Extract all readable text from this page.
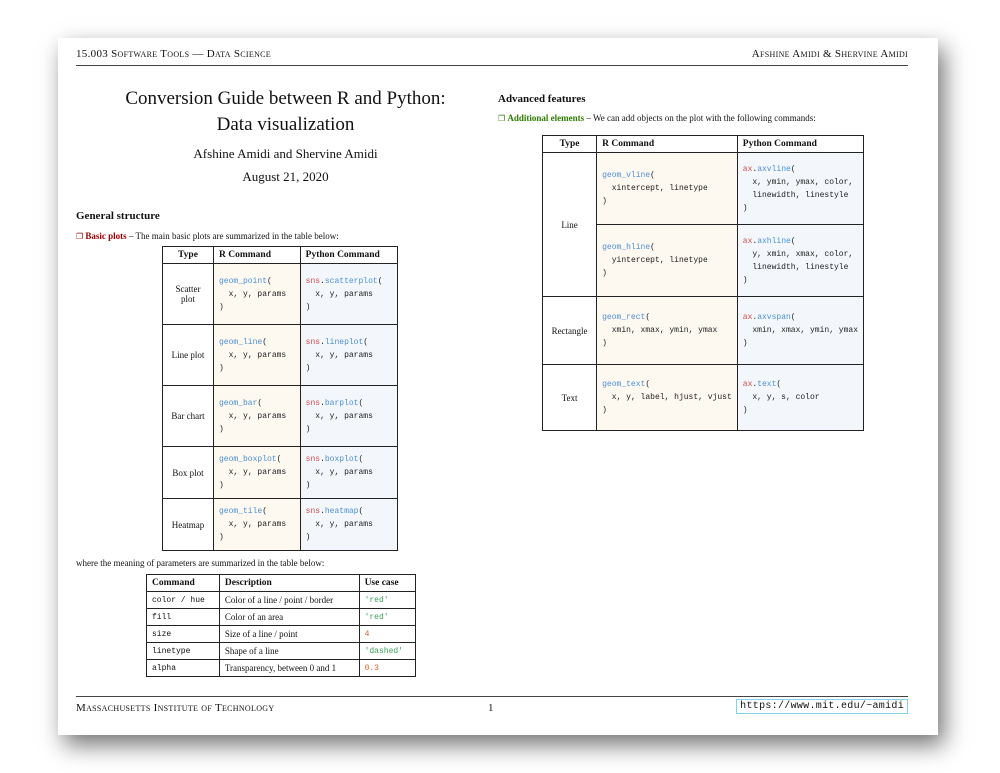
15.003 Software Tools — Data Science	Afshine Amidi & Shervine Amidi
Conversion Guide between R and Python:
Data visualization
Afshine Amidi and Shervine Amidi
August 21, 2020
General structure
❐ Basic plots – The main basic plots are summarized in the table below:
Type	R Command	Python Command
Scatter plot	geom_point(
x, y, params
)	sns.scatterplot(
x, y, params
)

Line plot	geom_line(
x, y, params
)	sns.lineplot(
x, y, params
)

Bar chart	geom_bar(
x, y, params
)	sns.barplot(
x, y, params
)

Box plot	geom_boxplot(
x, y, params
)	sns.boxplot(
x, y, params
)

Heatmap	geom_tile(
x, y, params
)	sns.heatmap(
x, y, params
)
where the meaning of parameters are summarized in the table below:
Command	Description	Use case
color / hue	Color of a line / point / border	'red'
fill	Color of an area	'red'
size	Size of a line / point	4
linetype	Shape of a line	'dashed'
alpha	Transparency, between 0 and 1	0.3
Advanced features
❐ Additional elements – We can add objects on the plot with the following commands:
Type	R Command	Python Command
Line	geom_vline(
xintercept, linetype
)	ax.axvline(
x, ymin, ymax, color,
linewidth, linestyle
)

	geom_hline(
yintercept, linetype
)	ax.axhline(
y, xmin, xmax, color,
linewidth, linestyle
)

Rectangle	geom_rect(
xmin, xmax, ymin, ymax
)	ax.axvspan(
xmin, xmax, ymin, ymax
)

Text	geom_text(
x, y, label, hjust, vjust
)	ax.text(
x, y, s, color
)
Massachusetts Institute of Technology	1	https://www.mit.edu/~amidi
